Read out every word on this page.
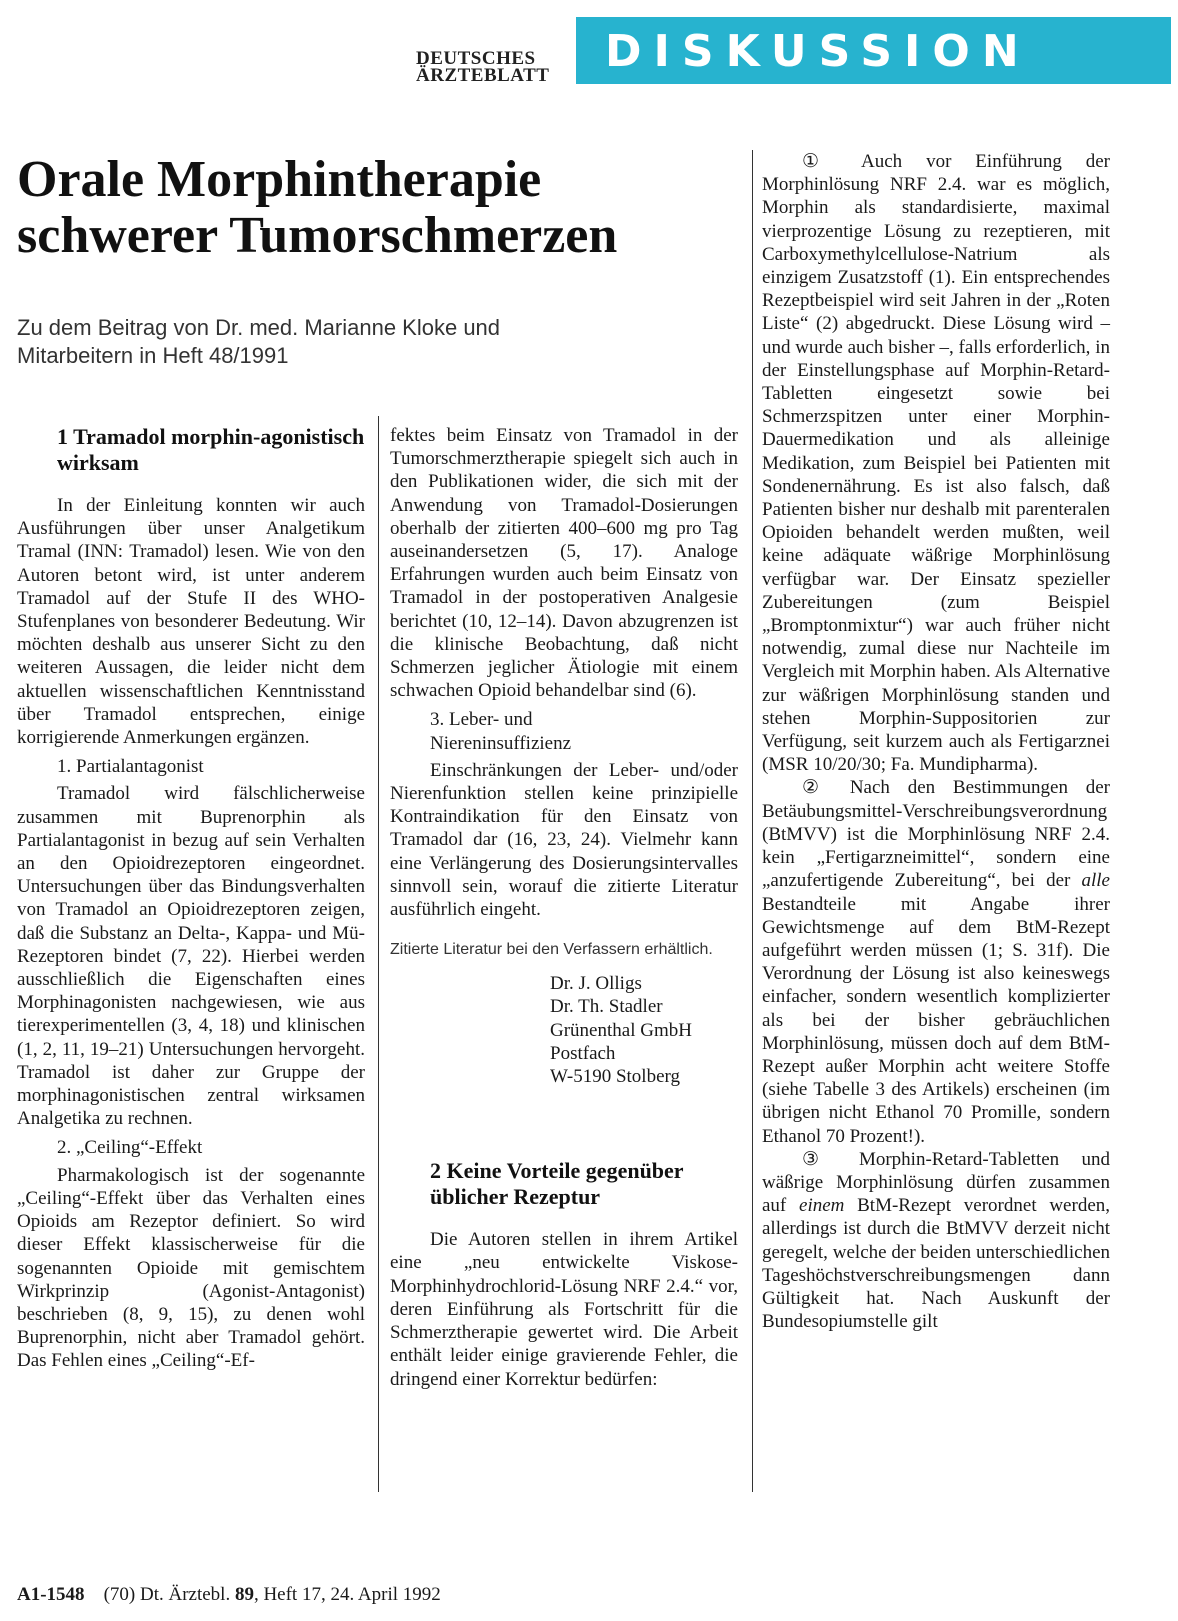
DEUTSCHES
ÄRZTEBLATT	DISKUSSION
Orale Morphintherapie schwerer Tumorschmerzen

Zu dem Beitrag von Dr. med. Marianne Kloke und Mitarbeitern in Heft 48/1991

1 Tramadol morphin-agonistisch wirksam

In der Einleitung konnten wir auch Ausführungen über unser Analgetikum Tramal (INN: Tramadol) lesen. Wie von den Autoren betont wird, ist unter anderem Tramadol auf der Stufe II des WHO-Stufenplanes von besonderer Bedeutung. Wir möchten deshalb aus unserer Sicht zu den weiteren Aussagen, die leider nicht dem aktuellen wissenschaftlichen Kenntnisstand über Tramadol entsprechen, einige korrigierende Anmerkungen ergänzen.

1. Partialantagonist

Tramadol wird fälschlicherweise zusammen mit Buprenorphin als Partialantagonist in bezug auf sein Verhalten an den Opioidrezeptoren eingeordnet. Untersuchungen über das Bindungsverhalten von Tramadol an Opioidrezeptoren zeigen, daß die Substanz an Delta-, Kappa- und Mü-Rezeptoren bindet (7, 22). Hierbei werden ausschließlich die Eigenschaften eines Morphinagonisten nachgewiesen, wie aus tierexperimentellen (3, 4, 18) und klinischen (1, 2, 11, 19–21) Untersuchungen hervorgeht. Tramadol ist daher zur Gruppe der morphinagonistischen zentral wirksamen Analgetika zu rechnen.

2. „Ceiling“-Effekt

Pharmakologisch ist der sogenannte „Ceiling“-Effekt über das Verhalten eines Opioids am Rezeptor definiert. So wird dieser Effekt klassischerweise für die sogenannten Opioide mit gemischtem Wirkprinzip (Agonist-Antagonist) beschrieben (8, 9, 15), zu denen wohl Buprenorphin, nicht aber Tramadol gehört. Das Fehlen eines „Ceiling“-Ef-

fektes beim Einsatz von Tramadol in der Tumorschmerztherapie spiegelt sich auch in den Publikationen wider, die sich mit der Anwendung von Tramadol-Dosierungen oberhalb der zitierten 400–600 mg pro Tag auseinandersetzen (5, 17). Analoge Erfahrungen wurden auch beim Einsatz von Tramadol in der postoperativen Analgesie berichtet (10, 12–14). Davon abzugrenzen ist die klinische Beobachtung, daß nicht Schmerzen jeglicher Ätiologie mit einem schwachen Opioid behandelbar sind (6).

3. Leber- und
Niereninsuffizienz

Einschränkungen der Leber- und/oder Nierenfunktion stellen keine prinzipielle Kontraindikation für den Einsatz von Tramadol dar (16, 23, 24). Vielmehr kann eine Verlängerung des Dosierungsintervalles sinnvoll sein, worauf die zitierte Literatur ausführlich eingeht.

Zitierte Literatur bei den Verfassern erhältlich.

Dr. J. Olligs

Dr. Th. Stadler

Grünenthal GmbH

Postfach

W-5190 Stolberg

2 Keine Vorteile gegenüber üblicher Rezeptur

Die Autoren stellen in ihrem Artikel eine „neu entwickelte Viskose-Morphinhydrochlorid-Lösung NRF 2.4.“ vor, deren Einführung als Fortschritt für die Schmerztherapie gewertet wird. Die Arbeit enthält leider einige gravierende Fehler, die dringend einer Korrektur bedürfen:

① Auch vor Einführung der Morphinlösung NRF 2.4. war es möglich, Morphin als standardisierte, maximal vierprozentige Lösung zu rezeptieren, mit Carboxymethylcellulose-Natrium als einzigem Zusatzstoff (1). Ein entsprechendes Rezeptbeispiel wird seit Jahren in der „Roten Liste“ (2) abgedruckt. Diese Lösung wird – und wurde auch bisher –, falls erforderlich, in der Einstellungsphase auf Morphin-Retard-Tabletten eingesetzt sowie bei Schmerzspitzen unter einer Morphin-Dauermedikation und als alleinige Medikation, zum Beispiel bei Patienten mit Sondenernährung. Es ist also falsch, daß Patienten bisher nur deshalb mit parenteralen Opioiden behandelt werden mußten, weil keine adäquate wäßrige Morphinlösung verfügbar war. Der Einsatz spezieller Zubereitungen (zum Beispiel „Bromptonmixtur“) war auch früher nicht notwendig, zumal diese nur Nachteile im Vergleich mit Morphin haben. Als Alternative zur wäßrigen Morphinlösung standen und stehen Morphin-Suppositorien zur Verfügung, seit kurzem auch als Fertigarznei (MSR 10/20/30; Fa. Mundipharma).

② Nach den Bestimmungen der Betäubungsmittel-Verschreibungsverordnung (BtMVV) ist die Morphinlösung NRF 2.4. kein „Fertigarzneimittel“, sondern eine „anzufertigende Zubereitung“, bei der alle Bestandteile mit Angabe ihrer Gewichtsmenge auf dem BtM-Rezept aufgeführt werden müssen (1; S. 31f). Die Verordnung der Lösung ist also keineswegs einfacher, sondern wesentlich komplizierter als bei der bisher gebräuchlichen Morphinlösung, müssen doch auf dem BtM-Rezept außer Morphin acht weitere Stoffe (siehe Tabelle 3 des Artikels) erscheinen (im übrigen nicht Ethanol 70 Promille, sondern Ethanol 70 Prozent!).

③ Morphin-Retard-Tabletten und wäßrige Morphinlösung dürfen zusammen auf einem BtM-Rezept verordnet werden, allerdings ist durch die BtMVV derzeit nicht geregelt, welche der beiden unterschiedlichen Tageshöchstverschreibungsmengen dann Gültigkeit hat. Nach Auskunft der Bundesopiumstelle gilt

A1-1548 (70) Dt. Ärztebl. 89, Heft 17, 24. April 1992
